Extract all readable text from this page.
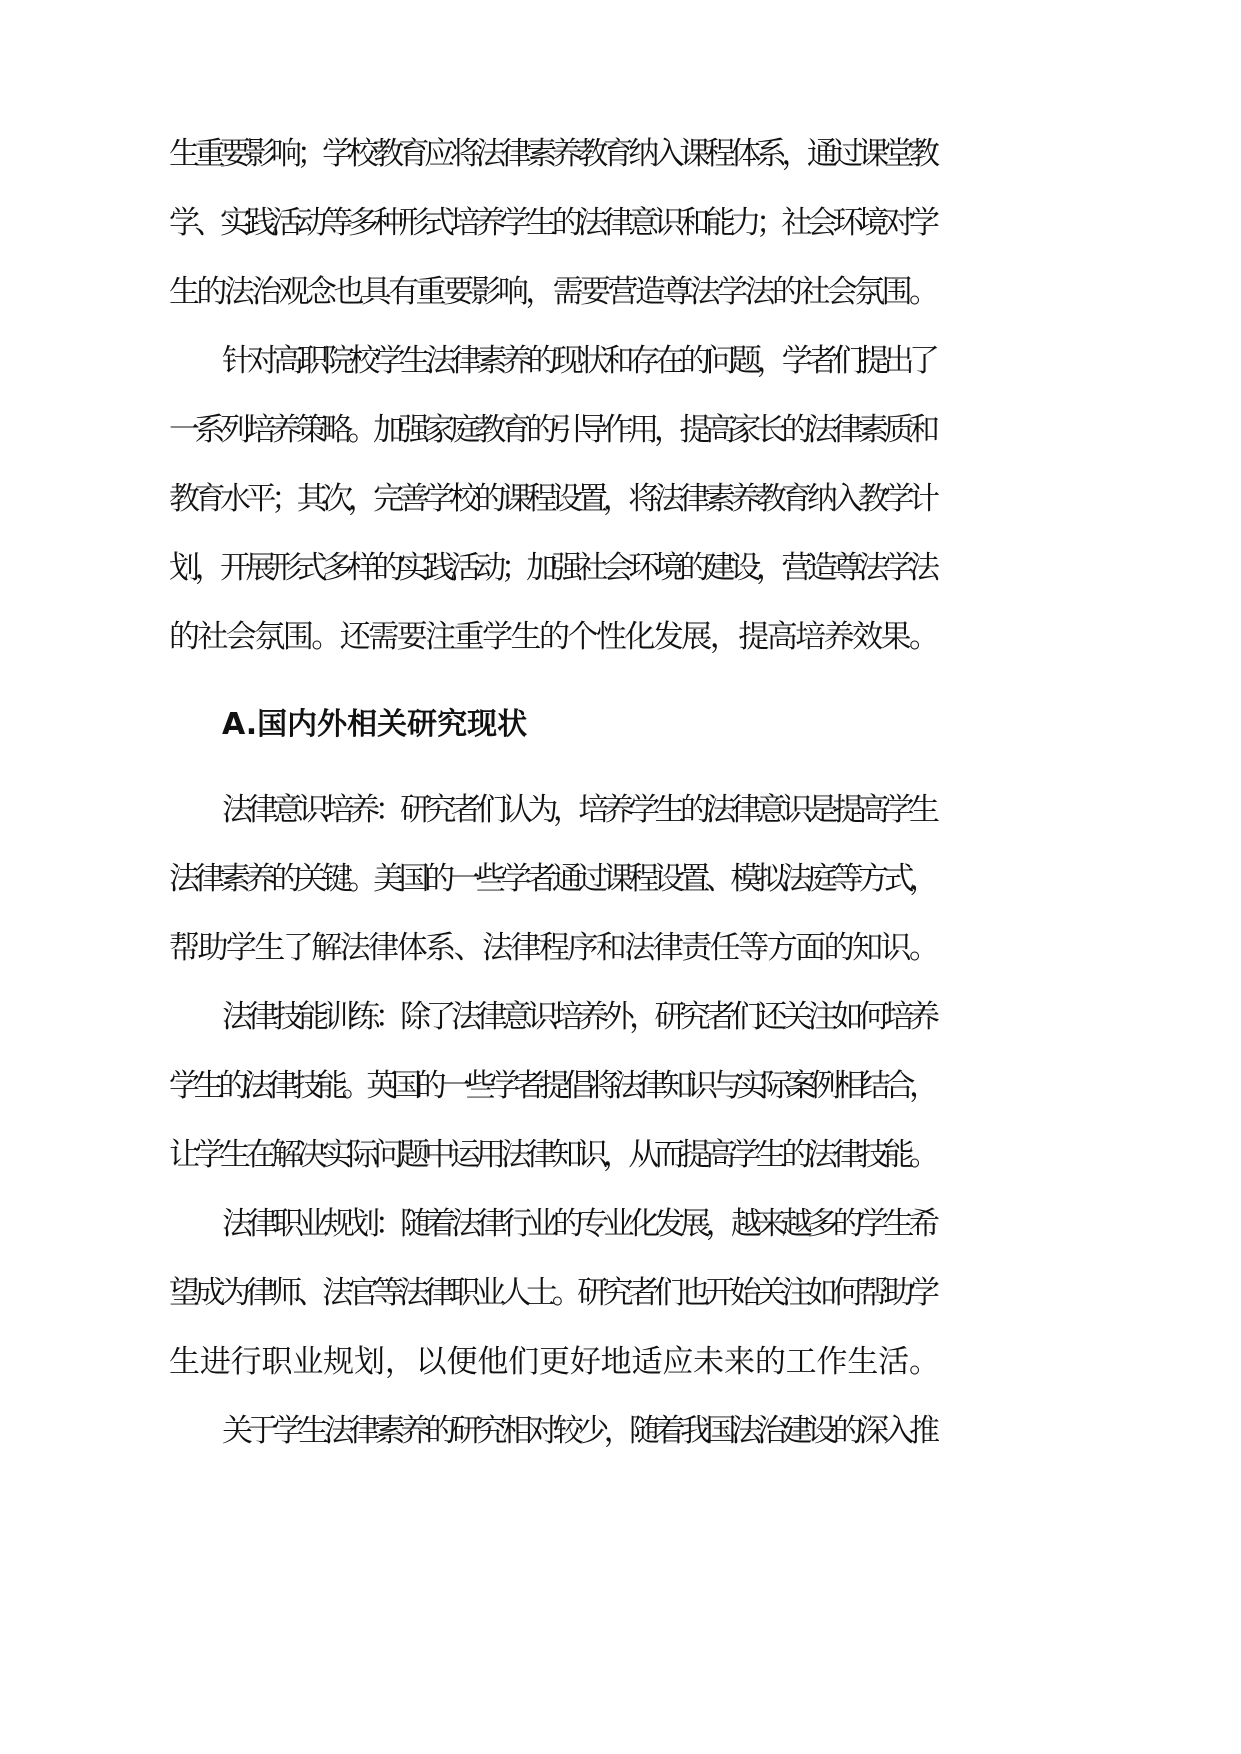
生重要影响；学校教育应将法律素养教育纳入课程体系，通过课堂教
学、实践活动等多种形式培养学生的法律意识和能力；社会环境对学
生的法治观念也具有重要影响，需要营造尊法学法的社会氛围。
针对高职院校学生法律素养的现状和存在的问题，学者们提出了
一系列培养策略。加强家庭教育的引导作用，提高家长的法律素质和
教育水平；其次，完善学校的课程设置，将法律素养教育纳入教学计
划，开展形式多样的实践活动；加强社会环境的建设，营造尊法学法
的社会氛围。还需要注重学生的个性化发展，提高培养效果。
A.国内外相关研究现状
法律意识培养：研究者们认为，培养学生的法律意识是提高学生
法律素养的关键。美国的一些学者通过课程设置、模拟法庭等方式，
帮助学生了解法律体系、法律程序和法律责任等方面的知识。
法律技能训练：除了法律意识培养外，研究者们还关注如何培养
学生的法律技能。英国的一些学者提倡将法律知识与实际案例相结合，
让学生在解决实际问题中运用法律知识，从而提高学生的法律技能。
法律职业规划：随着法律行业的专业化发展，越来越多的学生希
望成为律师、法官等法律职业人士。研究者们也开始关注如何帮助学
生进行职业规划，以便他们更好地适应未来的工作生活。
关于学生法律素养的研究相对较少，随着我国法治建设的深入推
